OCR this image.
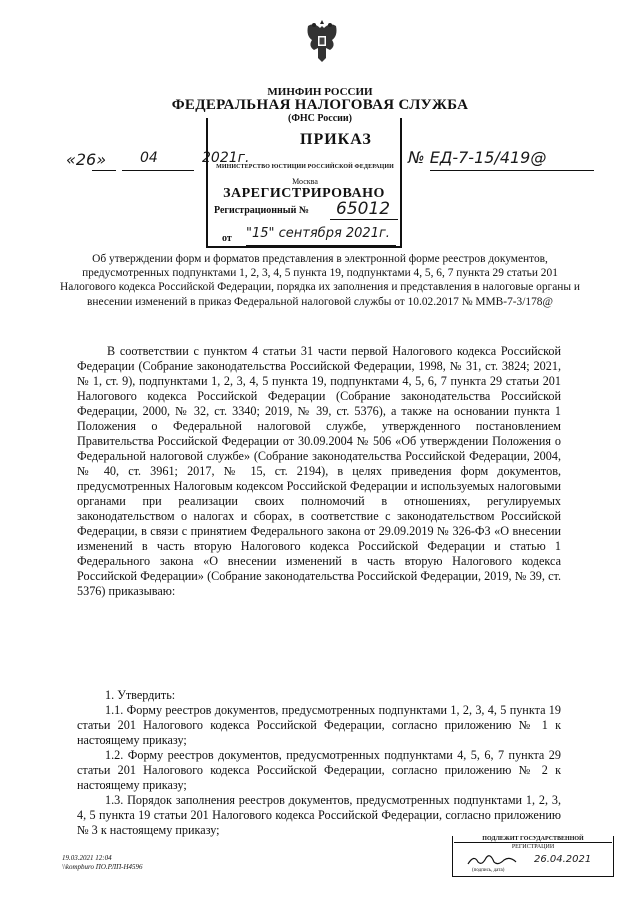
МИНФИН РОССИИ
ФЕДЕРАЛЬНАЯ НАЛОГОВАЯ СЛУЖБА
(ФНС России)
ПРИКАЗ
«26» 04	2021г.	№ ЕД-7-15/419@
МИНИСТЕРСТВО ЮСТИЦИИ РОССИЙСКОЙ ФЕДЕРАЦИИ
Москва
ЗАРЕГИСТРИРОВАНО
Регистрационный № 65012
от "15" сентября 2021г.
Об утверждении форм и форматов представления в электронной форме реестров документов, предусмотренных подпунктами 1, 2, 3, 4, 5 пункта 19, подпунктами 4, 5, 6, 7 пункта 29 статьи 201 Налогового кодекса Российской Федерации, порядка их заполнения и представления в налоговые органы и внесении изменений в приказ Федеральной налоговой службы от 10.02.2017 № ММВ-7-3/178@

В соответствии с пунктом 4 статьи 31 части первой Налогового кодекса Российской Федерации (Собрание законодательства Российской Федерации, 1998, № 31, ст. 3824; 2021, № 1, ст. 9), подпунктами 1, 2, 3, 4, 5 пункта 19, подпунктами 4, 5, 6, 7 пункта 29 статьи 201 Налогового кодекса Российской Федерации (Собрание законодательства Российской Федерации, 2000, № 32, ст. 3340; 2019, № 39, ст. 5376), а также на основании пункта 1 Положения о Федеральной налоговой службе, утвержденного постановлением Правительства Российской Федерации от 30.09.2004 № 506 «Об утверждении Положения о Федеральной налоговой службе» (Собрание законодательства Российской Федерации, 2004, № 40, ст. 3961; 2017, № 15, ст. 2194), в целях приведения форм документов, предусмотренных Налоговым кодексом Российской Федерации и используемых налоговыми органами при реализации своих полномочий в отношениях, регулируемых законодательством о налогах и сборах, в соответствие с законодательством Российской Федерации, в связи с принятием Федерального закона от 29.09.2019 № 326-ФЗ «О внесении изменений в часть вторую Налогового кодекса Российской Федерации и статью 1 Федерального закона «О внесении изменений в часть вторую Налогового кодекса Российской Федерации» (Собрание законодательства Российской Федерации, 2019, № 39, ст. 5376) приказываю:

1. Утвердить:

1.1. Форму реестров документов, предусмотренных подпунктами 1, 2, 3, 4, 5 пункта 19 статьи 201 Налогового кодекса Российской Федерации, согласно приложению № 1 к настоящему приказу;

1.2. Форму реестров документов, предусмотренных подпунктами 4, 5, 6, 7 пункта 29 статьи 201 Налогового кодекса Российской Федерации, согласно приложению № 2 к настоящему приказу;

1.3. Порядок заполнения реестров документов, предусмотренных подпунктами 1, 2, 3, 4, 5 пункта 19 статьи 201 Налогового кодекса Российской Федерации, согласно приложению № 3 к настоящему приказу;

19.03.2021 12:04
\\kompburo ПО.РЛП-Н4596
ПОДЛЕЖИТ ГОСУДАРСТВЕННОЙ
РЕГИСТРАЦИИ
26.04.2021
(подпись, дата)
